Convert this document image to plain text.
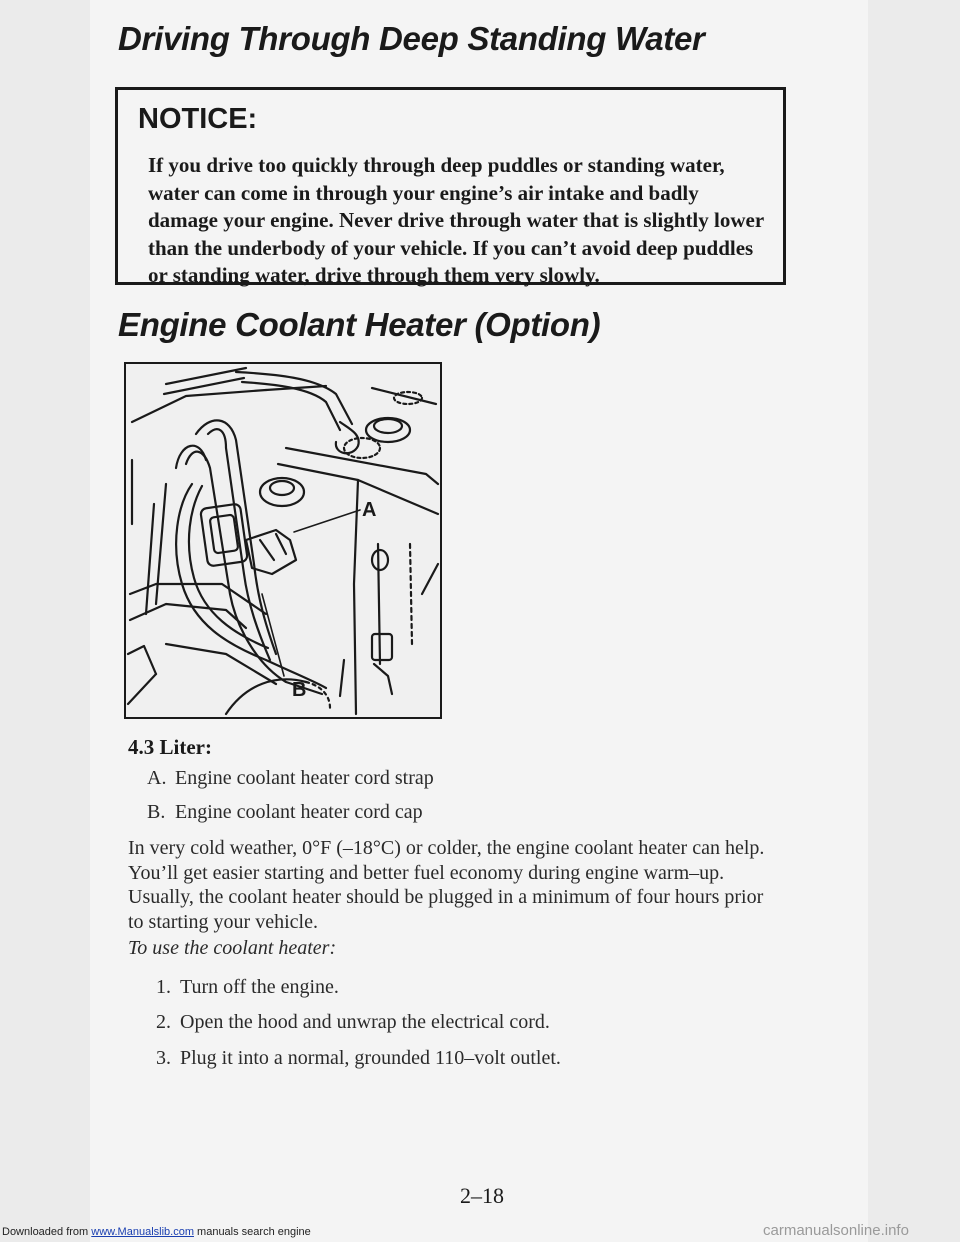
Driving Through Deep Standing Water

NOTICE:

If you drive too quickly through deep puddles or standing water, water can come in through your engine’s air intake and badly damage your engine. Never drive through water that is slightly lower than the underbody of your vehicle. If you can’t avoid deep puddles or standing water, drive through them very slowly.

Engine Coolant Heater (Option)
A
B

4.3 Liter:

A. Engine coolant heater cord strap

B. Engine coolant heater cord cap

In very cold weather, 0°F (–18°C) or colder, the engine coolant heater can help. You’ll get easier starting and better fuel economy during engine warm–up. Usually, the coolant heater should be plugged in a minimum of four hours prior to starting your vehicle.

To use the coolant heater:

1. Turn off the engine.

2. Open the hood and unwrap the electrical cord.

3. Plug it into a normal, grounded 110–volt outlet.

2–18

Downloaded from www.Manualslib.com manuals search engine	carmanualsonline.info
